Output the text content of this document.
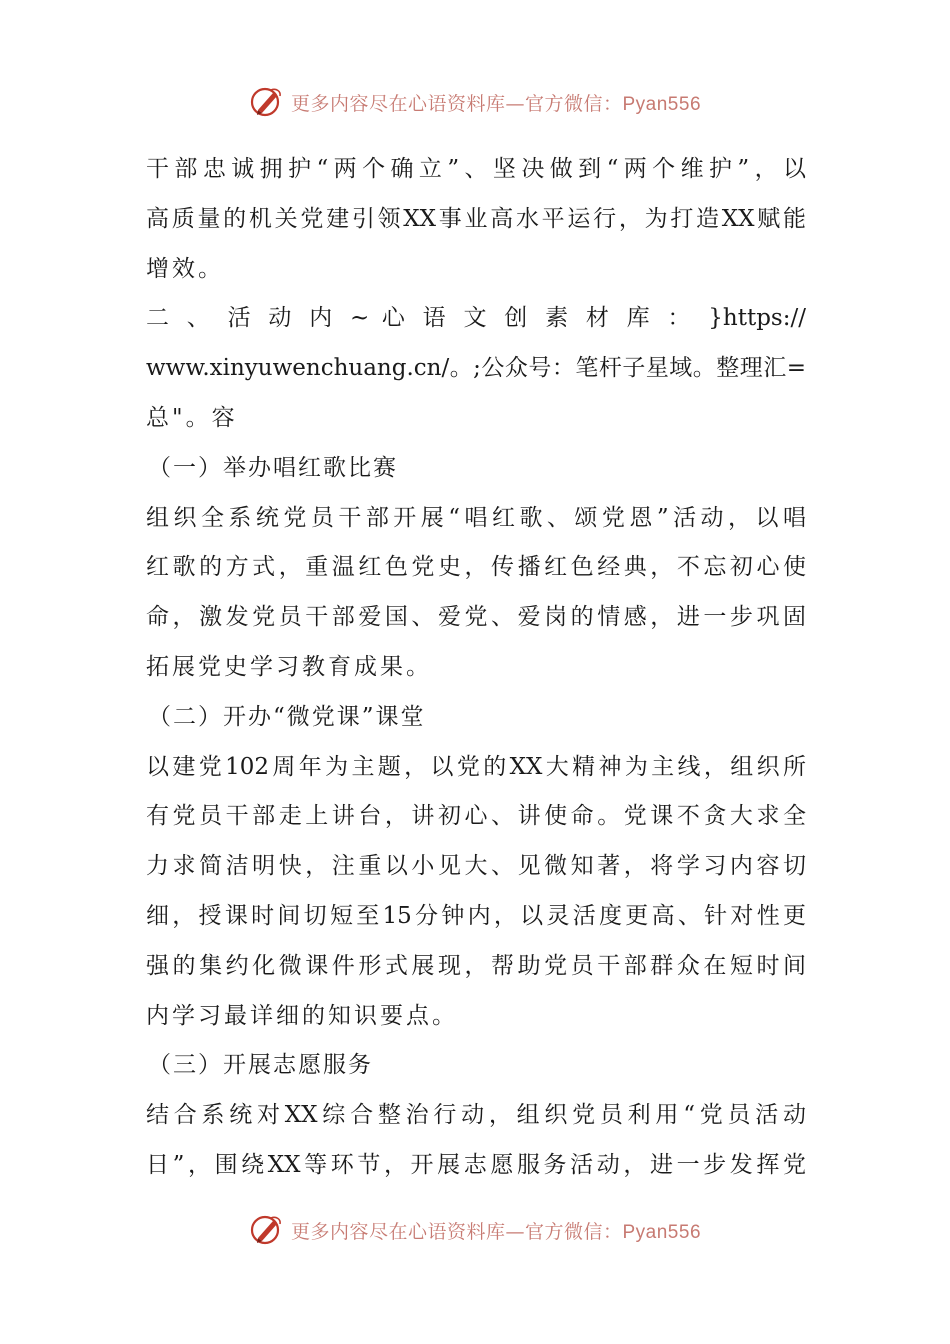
更多内容尽在心语资料库—官方微信：Pyan556
干部忠诚拥护“两个确立”、坚决做到“两个维护”，以
高质量的机关党建引领XX事业高水平运行，为打造XX赋能
增效。
二 、 活 动 内 ~ 心 语 文 创 素 材 库 ： }https://
www.xinyuwenchuang.cn/。;公众号：笔杆子星域。整理汇=
总"。容
（一）举办唱红歌比赛
组织全系统党员干部开展“唱红歌、颂党恩”活动，以唱
红歌的方式，重温红色党史，传播红色经典，不忘初心使
命，激发党员干部爱国、爱党、爱岗的情感，进一步巩固
拓展党史学习教育成果。
（二）开办“微党课”课堂
以建党102周年为主题，以党的XX大精神为主线，组织所
有党员干部走上讲台，讲初心、讲使命。党课不贪大求全
力求简洁明快，注重以小见大、见微知著，将学习内容切
细，授课时间切短至15分钟内，以灵活度更高、针对性更
强的集约化微课件形式展现，帮助党员干部群众在短时间
内学习最详细的知识要点。
（三）开展志愿服务
结合系统对XX综合整治行动，组织党员利用“党员活动
日”，围绕XX等环节，开展志愿服务活动，进一步发挥党
更多内容尽在心语资料库—官方微信：Pyan556
